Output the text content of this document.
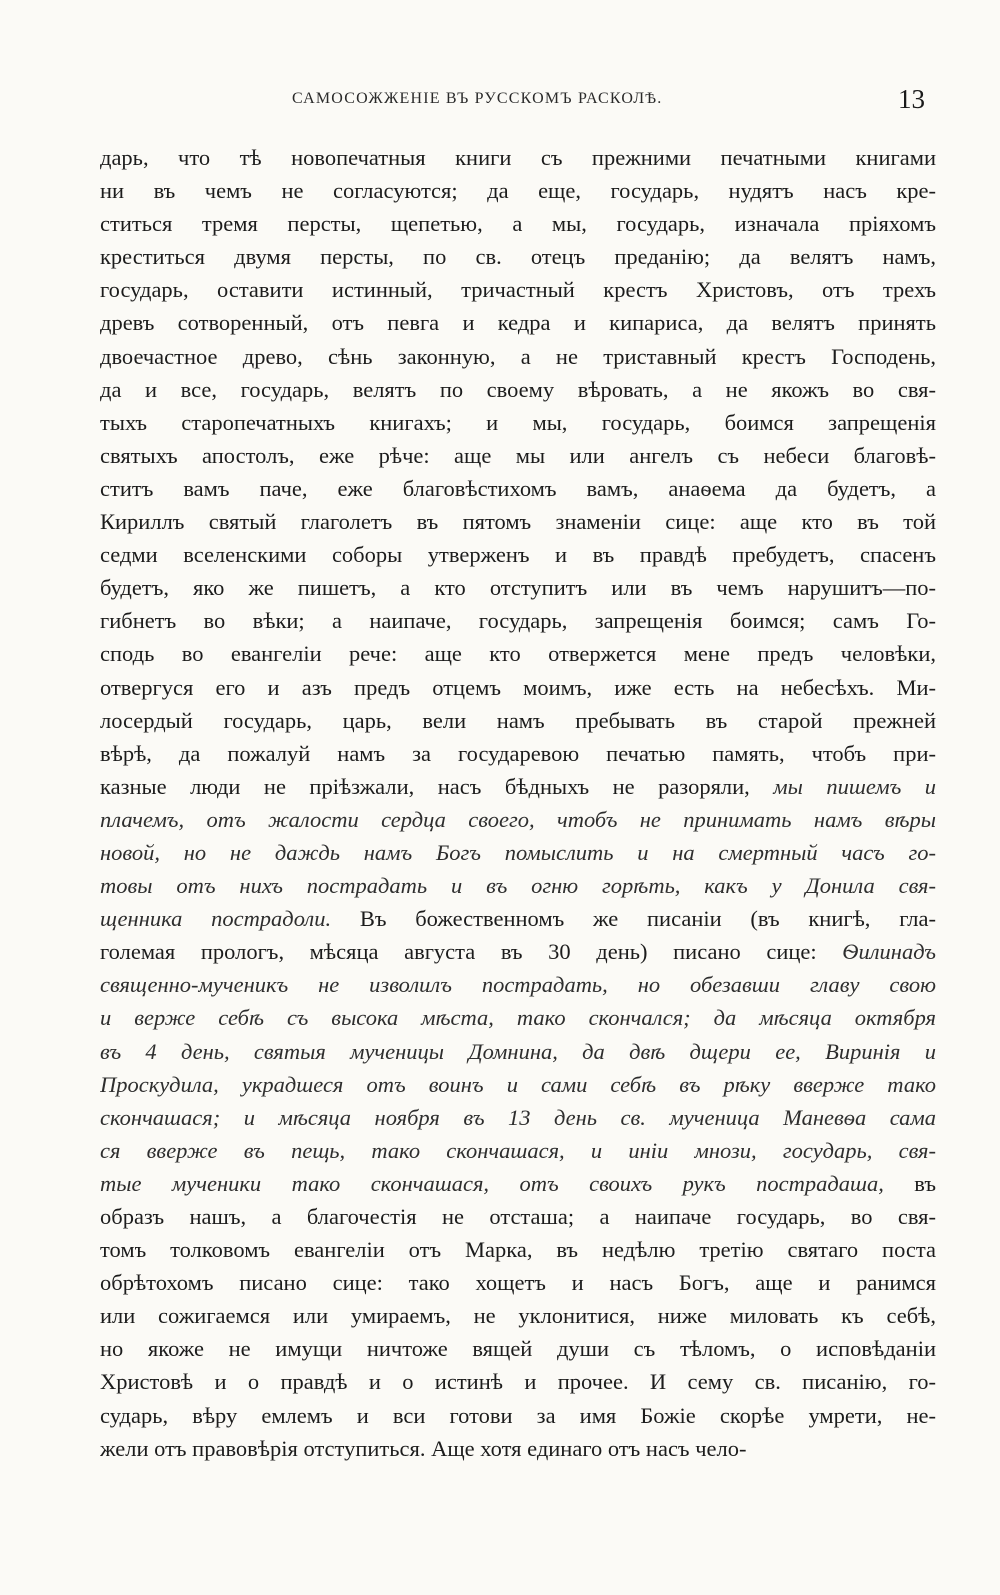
САМОСОЖЖЕНІЕ ВЪ РУССКОМЪ РАСКОЛѢ.	13
дарь, что тѣ новопечатныя книги съ прежними печатными книгами
ни въ чемъ не согласуются; да еще, государь, нудятъ насъ кре-
ститься тремя персты, щепетью, а мы, государь, изначала пріяхомъ
креститься двумя персты, по св. отецъ преданію; да велятъ намъ,
государь, оставити истинный, тричастный крестъ Христовъ, отъ трехъ
древъ сотворенный, отъ певга и кедра и кипариса, да велятъ принять
двоечастное древо, сѣнь законную, а не триставный крестъ Господень,
да и все, государь, велятъ по своему вѣровать, а не якожъ во свя-
тыхъ старопечатныхъ книгахъ; и мы, государь, боимся запрещенія
святыхъ апостолъ, еже рѣче: аще мы или ангелъ съ небеси благовѣ-
ститъ вамъ паче, еже благовѣстихомъ вамъ, анаѳема да будетъ, а
Кириллъ святый глаголетъ въ пятомъ знаменіи сице: аще кто въ той
седми вселенскими соборы утверженъ и въ правдѣ пребудетъ, спасенъ
будетъ, яко же пишетъ, а кто отступитъ или въ чемъ нарушитъ—по-
гибнетъ во вѣки; а наипаче, государь, запрещенія боимся; самъ Го-
сподь во евангеліи рече: аще кто отвержется мене предъ человѣки,
отвергуся его и азъ предъ отцемъ моимъ, иже есть на небесѣхъ. Ми-
лосердый государь, царь, вели намъ пребывать въ старой прежней
вѣрѣ, да пожалуй намъ за государевою печатью память, чтобъ при-
казные люди не пріѣзжали, насъ бѣдныхъ не разоряли, мы пишемъ и
плачемъ, отъ жалости сердца своего, чтобъ не принимать намъ вѣры
новой, но не даждь намъ Богъ помыслить и на смертный часъ го-
товы отъ нихъ пострадать и въ огню горѣть, какъ у Донила свя-
щенника пострадоли. Въ божественномъ же писаніи (въ книгѣ, гла-
големая прологъ, мѣсяца августа въ 30 день) писано сице: Ѳилинадъ
священно-мученикъ не изволилъ пострадать, но обезавши главу свою
и верже себѣ съ высока мѣста, тако скончался; да мѣсяца октября
въ 4 день, святыя мученицы Домнина, да двѣ дщери ее, Виринія и
Проскудила, украдшеся отъ воинъ и сами себѣ въ рѣку вверже тако
скончашася; и мѣсяца ноября въ 13 день св. мученица Маневѳа сама
ся вверже въ пещь, тако скончашася, и иніи мнози, государь, свя-
тые мученики тако скончашася, отъ своихъ рукъ пострадаша, въ
образъ нашъ, а благочестія не отсташа; а наипаче государь, во свя-
томъ толковомъ евангеліи отъ Марка, въ недѣлю третію святаго поста
обрѣтохомъ писано сице: тако хощетъ и насъ Богъ, аще и ранимся
или сожигаемся или умираемъ, не уклонитися, ниже миловать къ себѣ,
но якоже не имущи ничтоже вящей души съ тѣломъ, о исповѣданіи
Христовѣ и о правдѣ и о истинѣ и прочее. И сему св. писанію, го-
сударь, вѣру емлемъ и вси готови за имя Божіе скорѣе умрети, не-
жели отъ правовѣрія отступиться. Аще хотя единаго отъ насъ чело-
